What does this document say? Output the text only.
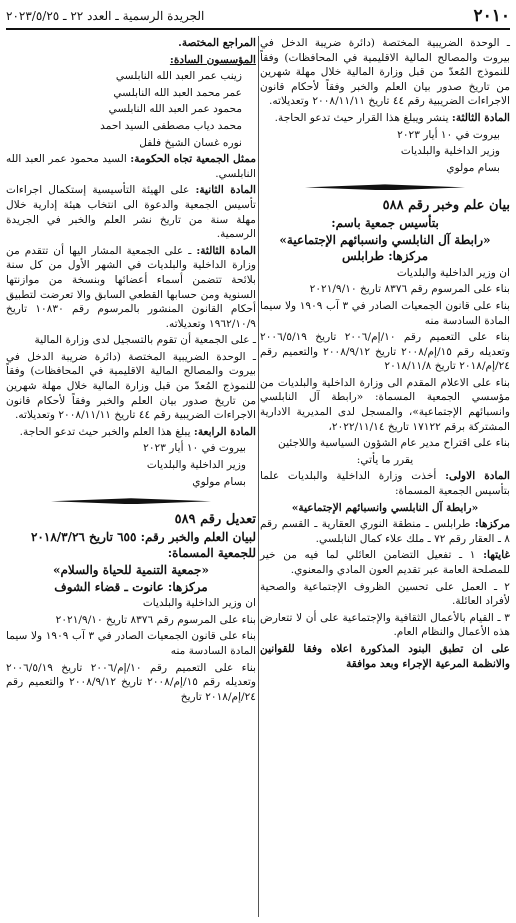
٢٠١٠
الجريدة الرسمية ـ العدد ٢٢ ـ ٢٠٢٣/٥/٢٥

ـ الوحدة الضريبية المختصة (دائرة ضريبة الدخل في بيروت والمصالح المالية الاقليمية في المحافظات) وفقاً للنموذج المُعدّ من قبل وزارة المالية خلال مهلة شهرين من تاريخ صدور بيان العلم والخبر وفقاً لأحكام قانون الاجراءات الضريبية رقم ٤٤ تاريخ ٢٠٠٨/١١/١١ وتعديلاته.

المادة الثالثة: ينشر ويبلغ هذا القرار حيث تدعو الحاجة.

بيروت في ١٠ أيار ٢٠٢٣

وزير الداخلية والبلديات

بسام مولوي

بيان علم وخبر رقم ٥٨٨

بتأسيس جمعية باسم:

«رابطة آل النابلسي وانسبائهم الإجتماعية»

مركزها: طرابلس

ان وزير الداخلية والبلديات

بناء على المرسوم رقم ٨٣٧٦ تاريخ ٢٠٢١/٩/١٠

بناء على قانون الجمعيات الصادر في ٣ آب ١٩٠٩ ولا سيما المادة السادسة منه

بناء على التعميم رقم ١٠/إم/٢٠٠٦ تاريخ ٢٠٠٦/٥/١٩ وتعديله رقم ١٥/إم/٢٠٠٨ تاريخ ٢٠٠٨/٩/١٢ والتعميم رقم ٢٤/إم/٢٠١٨ تاريخ ٢٠١٨/١١/٨

بناء على الاعلام المقدم الى وزارة الداخلية والبلديات من مؤسسي الجمعية المسماة: «رابطة آل النابلسي وانسبائهم الإجتماعية»، والمسجل لدى المديرية الادارية المشتركة برقم ١٧١٢٢ تاريخ ٢٠٢٢/١١/١٤،

بناء على اقتراح مدير عام الشؤون السياسية واللاجئين

يقرر ما يأتي:

المادة الاولى: أخذت وزارة الداخلية والبلديات علما بتأسيس الجمعية المسماة:

«رابطة آل النابلسي وانسبائهم الإجتماعية»

مركزها: طرابلس ـ منطقة النوري العقارية ـ القسم رقم ٨ ـ العقار رقم ٧٢ ـ ملك علاء كمال النابلسي.

غايتها: ١ ـ تفعيل التضامن العائلي لما فيه من خير للمصلحة العامة عبر تقديم العون المادي والمعنوي.

٢ ـ العمل على تحسين الظروف الإجتماعية والصحية لأفراد العائلة.

٣ ـ القيام بالأعمال الثقافية والإجتماعية على أن لا تتعارض هذه الأعمال والنظام العام.

على ان تطبق البنود المذكورة اعلاه وفقا للقوانين والانظمة المرعية الإجراء وبعد موافقة

المراجع المختصة.

المؤسسون السادة:

زينب عمر العبد الله النابلسي

عمر محمد العبد الله النابلسي

محمود عمر العبد الله النابلسي

محمد دياب مصطفى السيد احمد

نوره غسان الشيخ فلفل

ممثل الجمعية تجاه الحكومة: السيد محمود عمر العبد الله النابلسي.

المادة الثانية: على الهيئة التأسيسية إستكمال اجراءات تأسيس الجمعية والدعوة الى انتخاب هيئة إدارية خلال مهلة سنة من تاريخ نشر العلم والخبر في الجريدة الرسمية.

المادة الثالثة: ـ على الجمعية المشار اليها أن تتقدم من وزارة الداخلية والبلديات في الشهر الأول من كل سنة بلائحة تتضمن أسماء أعضائها وبنسخة من موازنتها السنوية ومن حسابها القطعي السابق والا تعرضت لتطبيق أحكام القانون المنشور بالمرسوم رقم ١٠٨٣٠ تاريخ ١٩٦٢/١٠/٩ وتعديلاته.

ـ على الجمعية أن تقوم بالتسجيل لدى وزارة المالية

ـ الوحدة الضريبية المختصة (دائرة ضريبة الدخل في بيروت والمصالح المالية الاقليمية في المحافظات) وفقاً للنموذج المُعدّ من قبل وزارة المالية خلال مهلة شهرين من تاريخ صدور بيان العلم والخبر وفقاً لأحكام قانون الاجراءات الضريبية رقم ٤٤ تاريخ ٢٠٠٨/١١/١١ وتعديلاته.

المادة الرابعة: يبلغ هذا العلم والخبر حيث تدعو الحاجة.

بيروت في ١٠ أيار ٢٠٢٣

وزير الداخلية والبلديات

بسام مولوي

تعديل رقم ٥٨٩

لبيان العلم والخبر رقم: ٦٥٥ تاريخ ٢٠١٨/٣/٢٦

للجمعية المسماة:

«جمعية التنمية للحياة والسلام»

مركزها: عانوت ـ قضاء الشوف

ان وزير الداخلية والبلديات

بناء على المرسوم رقم ٨٣٧٦ تاريخ ٢٠٢١/٩/١٠

بناء على قانون الجمعيات الصادر في ٣ آب ١٩٠٩ ولا سيما المادة السادسة منه

بناء على التعميم رقم ١٠/إم/٢٠٠٦ تاريخ ٢٠٠٦/٥/١٩ وتعديله رقم ١٥/إم/٢٠٠٨ تاريخ ٢٠٠٨/٩/١٢ والتعميم رقم ٢٤/إم/٢٠١٨ تاريخ
